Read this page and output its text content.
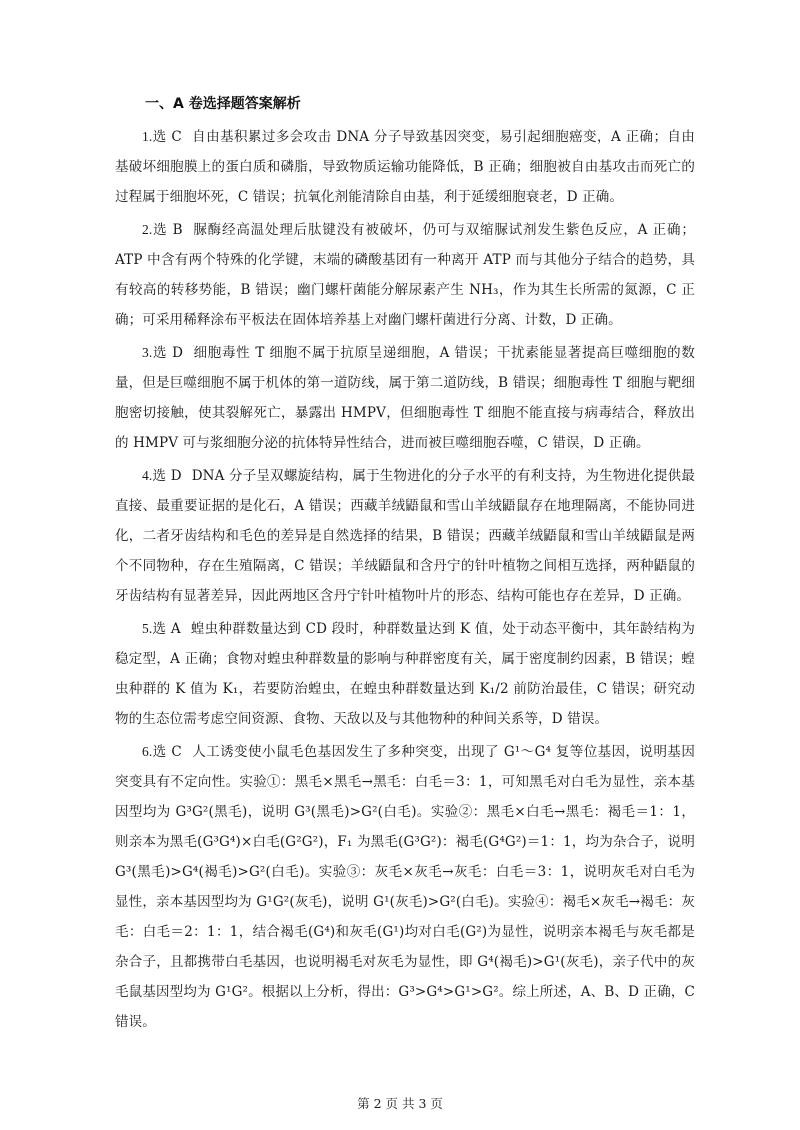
一、A 卷选择题答案解析

1.选 C 自由基积累过多会攻击 DNA 分子导致基因突变，易引起细胞癌变，A 正确；自由基破坏细胞膜上的蛋白质和磷脂，导致物质运输功能降低，B 正确；细胞被自由基攻击而死亡的过程属于细胞坏死，C 错误；抗氧化剂能清除自由基，利于延缓细胞衰老，D 正确。

2.选 B 脲酶经高温处理后肽键没有被破坏，仍可与双缩脲试剂发生紫色反应，A 正确；ATP 中含有两个特殊的化学键，末端的磷酸基团有一种离开 ATP 而与其他分子结合的趋势，具有较高的转移势能，B 错误；幽门螺杆菌能分解尿素产生 NH₃，作为其生长所需的氮源，C 正确；可采用稀释涂布平板法在固体培养基上对幽门螺杆菌进行分离、计数，D 正确。

3.选 D 细胞毒性 T 细胞不属于抗原呈递细胞，A 错误；干扰素能显著提高巨噬细胞的数量，但是巨噬细胞不属于机体的第一道防线，属于第二道防线，B 错误；细胞毒性 T 细胞与靶细胞密切接触，使其裂解死亡，暴露出 HMPV，但细胞毒性 T 细胞不能直接与病毒结合，释放出的 HMPV 可与浆细胞分泌的抗体特异性结合，进而被巨噬细胞吞噬，C 错误，D 正确。

4.选 D DNA 分子呈双螺旋结构，属于生物进化的分子水平的有利支持，为生物进化提供最直接、最重要证据的是化石，A 错误；西藏羊绒鼯鼠和雪山羊绒鼯鼠存在地理隔离，不能协同进化，二者牙齿结构和毛色的差异是自然选择的结果，B 错误；西藏羊绒鼯鼠和雪山羊绒鼯鼠是两个不同物种，存在生殖隔离，C 错误；羊绒鼯鼠和含丹宁的针叶植物之间相互选择，两种鼯鼠的牙齿结构有显著差异，因此两地区含丹宁针叶植物叶片的形态、结构可能也存在差异，D 正确。

5.选 A 蝗虫种群数量达到 CD 段时，种群数量达到 K 值，处于动态平衡中，其年龄结构为稳定型，A 正确；食物对蝗虫种群数量的影响与种群密度有关，属于密度制约因素，B 错误；蝗虫种群的 K 值为 K₁，若要防治蝗虫，在蝗虫种群数量达到 K₁/2 前防治最佳，C 错误；研究动物的生态位需考虑空间资源、食物、天敌以及与其他物种的种间关系等，D 错误。

6.选 C 人工诱变使小鼠毛色基因发生了多种突变，出现了 G¹～G⁴ 复等位基因，说明基因突变具有不定向性。实验①：黑毛×黑毛→黑毛：白毛＝3：1，可知黑毛对白毛为显性，亲本基因型均为 G³G²(黑毛)，说明 G³(黑毛)>G²(白毛)。实验②：黑毛×白毛→黑毛：褐毛＝1：1，则亲本为黑毛(G³G⁴)×白毛(G²G²)，F₁ 为黑毛(G³G²)：褐毛(G⁴G²)＝1：1，均为杂合子，说明 G³(黑毛)>G⁴(褐毛)>G²(白毛)。实验③：灰毛×灰毛→灰毛：白毛＝3：1，说明灰毛对白毛为显性，亲本基因型均为 G¹G²(灰毛)，说明 G¹(灰毛)>G²(白毛)。实验④：褐毛×灰毛→褐毛：灰毛：白毛＝2：1：1，结合褐毛(G⁴)和灰毛(G¹)均对白毛(G²)为显性，说明亲本褐毛与灰毛都是杂合子，且都携带白毛基因，也说明褐毛对灰毛为显性，即 G⁴(褐毛)>G¹(灰毛)，亲子代中的灰毛鼠基因型均为 G¹G²。根据以上分析，得出：G³>G⁴>G¹>G²。综上所述，A、B、D 正确，C 错误。

第 2 页 共 3 页
